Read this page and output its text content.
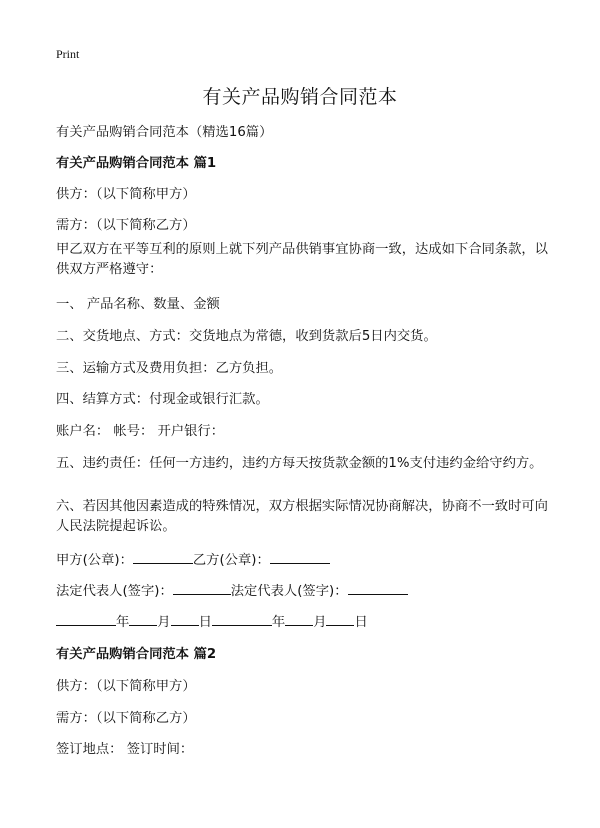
Print
有关产品购销合同范本
有关产品购销合同范本（精选16篇）
有关产品购销合同范本 篇1
供方：（以下简称甲方）
需方：（以下简称乙方）
甲乙双方在平等互利的原则上就下列产品供销事宜协商一致，达成如下合同条款，以供双方严格遵守：
一、 产品名称、数量、金额
二、交货地点、方式：交货地点为常德，收到货款后5日内交货。
三、运输方式及费用负担：乙方负担。
四、结算方式：付现金或银行汇款。
账户名： 帐号： 开户银行：
五、违约责任：任何一方违约，违约方每天按货款金额的1%支付违约金给守约方。
六、若因其他因素造成的特殊情况，双方根据实际情况协商解决，协商不一致时可向人民法院提起诉讼。
甲方(公章)：	乙方(公章)：
法定代表人(签字)：	法定代表人(签字)：
年 月 日	年 月 日
有关产品购销合同范本 篇2
供方：（以下简称甲方）
需方：（以下简称乙方）
签订地点： 签订时间：
